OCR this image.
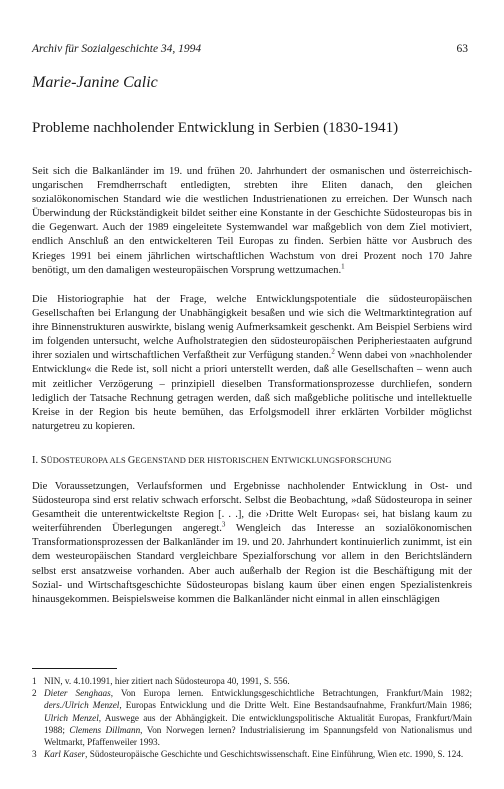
Archiv für Sozialgeschichte 34, 1994	63
Marie-Janine Calic
Probleme nachholender Entwicklung in Serbien (1830-1941)

Seit sich die Balkanländer im 19. und frühen 20. Jahrhundert der osmanischen und österreichisch-ungarischen Fremdherrschaft entledigten, strebten ihre Eliten danach, den gleichen sozialökonomischen Standard wie die westlichen Industrienationen zu erreichen. Der Wunsch nach Überwindung der Rückständigkeit bildet seither eine Konstante in der Geschichte Südosteuropas bis in die Gegenwart. Auch der 1989 eingeleitete Systemwandel war maßgeblich von dem Ziel motiviert, endlich Anschluß an den entwickelteren Teil Europas zu finden. Serbien hätte vor Ausbruch des Krieges 1991 bei einem jährlichen wirtschaftlichen Wachstum von drei Prozent noch 170 Jahre benötigt, um den damaligen westeuropäischen Vorsprung wettzumachen.$^1$

Die Historiographie hat der Frage, welche Entwicklungspotentiale die südosteuropäischen Gesellschaften bei Erlangung der Unabhängigkeit besaßen und wie sich die Weltmarktintegration auf ihre Binnenstrukturen auswirkte, bislang wenig Aufmerksamkeit geschenkt. Am Beispiel Serbiens wird im folgenden untersucht, welche Aufholstrategien den südosteuropäischen Peripheriestaaten aufgrund ihrer sozialen und wirtschaftlichen Verfaßtheit zur Verfügung standen.$^2$ Wenn dabei von »nachholender Entwicklung« die Rede ist, soll nicht a priori unterstellt werden, daß alle Gesellschaften – wenn auch mit zeitlicher Verzögerung – prinzipiell dieselben Transformationsprozesse durchliefen, sondern lediglich der Tatsache Rechnung getragen werden, daß sich maßgebliche politische und intellektuelle Kreise in der Region bis heute bemühen, das Erfolgsmodell ihrer erklärten Vorbilder möglichst naturgetreu zu kopieren.

I. SÜDOSTEUROPA ALS GEGENSTAND DER HISTORISCHEN ENTWICKLUNGSFORSCHUNG

Die Voraussetzungen, Verlaufsformen und Ergebnisse nachholender Entwicklung in Ost- und Südosteuropa sind erst relativ schwach erforscht. Selbst die Beobachtung, »daß Südosteuropa in seiner Gesamtheit die unterentwickeltste Region [. . .], die ›Dritte Welt Europas‹ sei, hat bislang kaum zu weiterführenden Überlegungen angeregt.$^3$ Wengleich das Interesse an sozialökonomischen Transformationsprozessen der Balkanländer im 19. und 20. Jahrhundert kontinuierlich zunimmt, ist ein dem westeuropäischen Standard vergleichbare Spezialforschung vor allem in den Berichtsländern selbst erst ansatzweise vorhanden. Aber auch außerhalb der Region ist die Beschäftigung mit der Sozial- und Wirtschaftsgeschichte Südosteuropas bislang kaum über einen engen Spezialistenkreis hinausgekommen. Beispielsweise kommen die Balkanländer nicht einmal in allen einschlägigen

1 NIN, v. 4.10.1991, hier zitiert nach Südosteuropa 40, 1991, S. 556.
2 Dieter Senghaas, Von Europa lernen. Entwicklungsgeschichtliche Betrachtungen, Frankfurt/Main 1982; ders./Ulrich Menzel, Europas Entwicklung und die Dritte Welt. Eine Bestandsaufnahme, Frankfurt/Main 1986; Ulrich Menzel, Auswege aus der Abhängigkeit. Die entwicklungspolitische Aktualität Europas, Frankfurt/Main 1988; Clemens Dillmann, Von Norwegen lernen? Industrialisierung im Spannungsfeld von Nationalismus und Weltmarkt, Pfaffenweiler 1993.
3 Karl Kaser, Südosteuropäische Geschichte und Geschichtswissenschaft. Eine Einführung, Wien etc. 1990, S. 124.
